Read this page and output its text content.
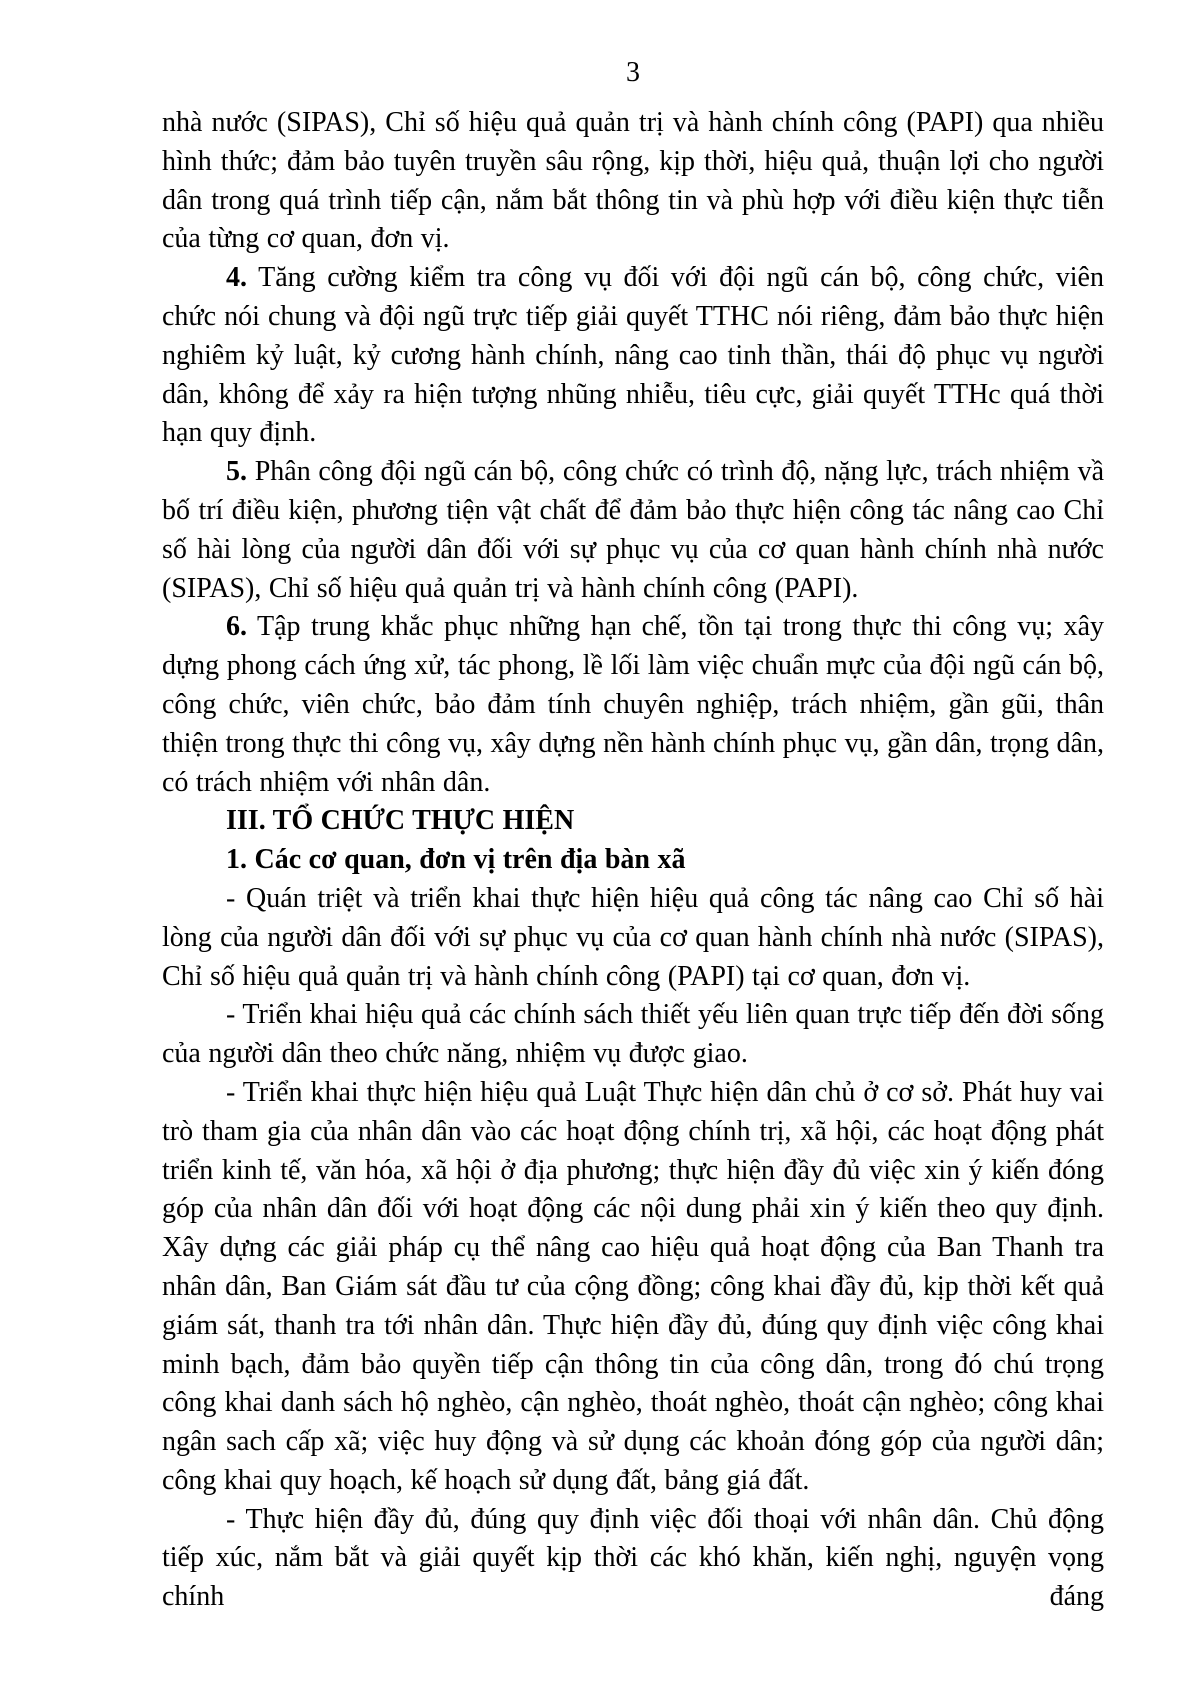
3

nhà nước (SIPAS), Chỉ số hiệu quả quản trị và hành chính công (PAPI) qua nhiều hình thức; đảm bảo tuyên truyền sâu rộng, kịp thời, hiệu quả, thuận lợi cho người dân trong quá trình tiếp cận, nắm bắt thông tin và phù hợp với điều kiện thực tiễn của từng cơ quan, đơn vị.

4. Tăng cường kiểm tra công vụ đối với đội ngũ cán bộ, công chức, viên chức nói chung và đội ngũ trực tiếp giải quyết TTHC nói riêng, đảm bảo thực hiện nghiêm kỷ luật, kỷ cương hành chính, nâng cao tinh thần, thái độ phục vụ người dân, không để xảy ra hiện tượng nhũng nhiễu, tiêu cực, giải quyết TTHc quá thời hạn quy định.

5. Phân công đội ngũ cán bộ, công chức có trình độ, nặng lực, trách nhiệm vầ bố trí điều kiện, phương tiện vật chất để đảm bảo thực hiện công tác nâng cao Chỉ số hài lòng của người dân đối với sự phục vụ của cơ quan hành chính nhà nước (SIPAS), Chỉ số hiệu quả quản trị và hành chính công (PAPI).

6. Tập trung khắc phục những hạn chế, tồn tại trong thực thi công vụ; xây dựng phong cách ứng xử, tác phong, lề lối làm việc chuẩn mực của đội ngũ cán bộ, công chức, viên chức, bảo đảm tính chuyên nghiệp, trách nhiệm, gần gũi, thân thiện trong thực thi công vụ, xây dựng nền hành chính phục vụ, gần dân, trọng dân, có trách nhiệm với nhân dân.

III. TỔ CHỨC THỰC HIỆN

1. Các cơ quan, đơn vị trên địa bàn xã

- Quán triệt và triển khai thực hiện hiệu quả công tác nâng cao Chỉ số hài lòng của người dân đối với sự phục vụ của cơ quan hành chính nhà nước (SIPAS), Chỉ số hiệu quả quản trị và hành chính công (PAPI) tại cơ quan, đơn vị.

- Triển khai hiệu quả các chính sách thiết yếu liên quan trực tiếp đến đời sống của người dân theo chức năng, nhiệm vụ được giao.

- Triển khai thực hiện hiệu quả Luật Thực hiện dân chủ ở cơ sở. Phát huy vai trò tham gia của nhân dân vào các hoạt động chính trị, xã hội, các hoạt động phát triển kinh tế, văn hóa, xã hội ở địa phương; thực hiện đầy đủ việc xin ý kiến đóng góp của nhân dân đối với hoạt động các nội dung phải xin ý kiến theo quy định. Xây dựng các giải pháp cụ thể nâng cao hiệu quả hoạt động của Ban Thanh tra nhân dân, Ban Giám sát đầu tư của cộng đồng; công khai đầy đủ, kịp thời kết quả giám sát, thanh tra tới nhân dân. Thực hiện đầy đủ, đúng quy định việc công khai minh bạch, đảm bảo quyền tiếp cận thông tin của công dân, trong đó chú trọng công khai danh sách hộ nghèo, cận nghèo, thoát nghèo, thoát cận nghèo; công khai ngân sach cấp xã; việc huy động và sử dụng các khoản đóng góp của người dân; công khai quy hoạch, kế hoạch sử dụng đất, bảng giá đất.

- Thực hiện đầy đủ, đúng quy định việc đối thoại với nhân dân. Chủ động tiếp xúc, nắm bắt và giải quyết kịp thời các khó khăn, kiến nghị, nguyện vọng chính đáng
